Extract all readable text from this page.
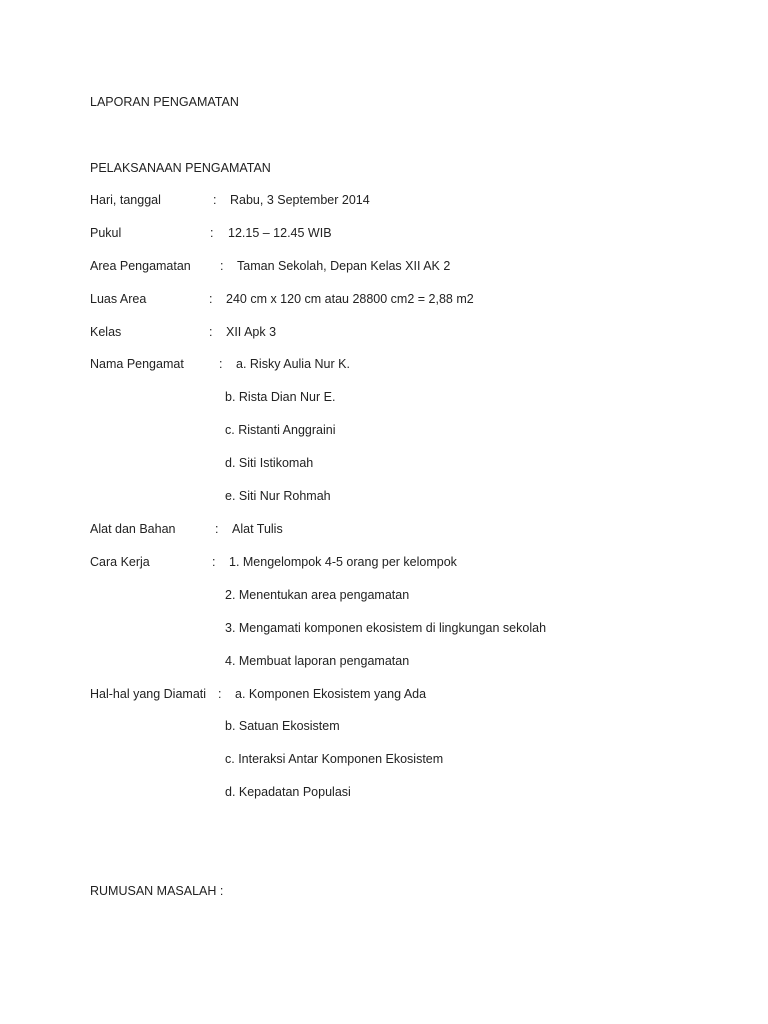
LAPORAN PENGAMATAN
PELAKSANAAN PENGAMATAN
Hari, tanggal	: Rabu, 3 September 2014
Pukul	: 12.15 – 12.45 WIB
Area Pengamatan : Taman Sekolah, Depan Kelas XII AK 2
Luas Area	: 240 cm x 120 cm atau 28800 cm2 = 2,88 m2
Kelas	: XII Apk 3
Nama Pengamat	: a. Risky Aulia Nur K.
b. Rista Dian Nur E.
c. Ristanti Anggraini
d. Siti Istikomah
e. Siti Nur Rohmah
Alat dan Bahan	: Alat Tulis
Cara Kerja	: 1. Mengelompok 4-5 orang per kelompok
2. Menentukan area pengamatan
3. Mengamati komponen ekosistem di lingkungan sekolah
4. Membuat laporan pengamatan
Hal-hal yang Diamati : a. Komponen Ekosistem yang Ada
b. Satuan Ekosistem
c. Interaksi Antar Komponen Ekosistem
d. Kepadatan Populasi
RUMUSAN MASALAH :
